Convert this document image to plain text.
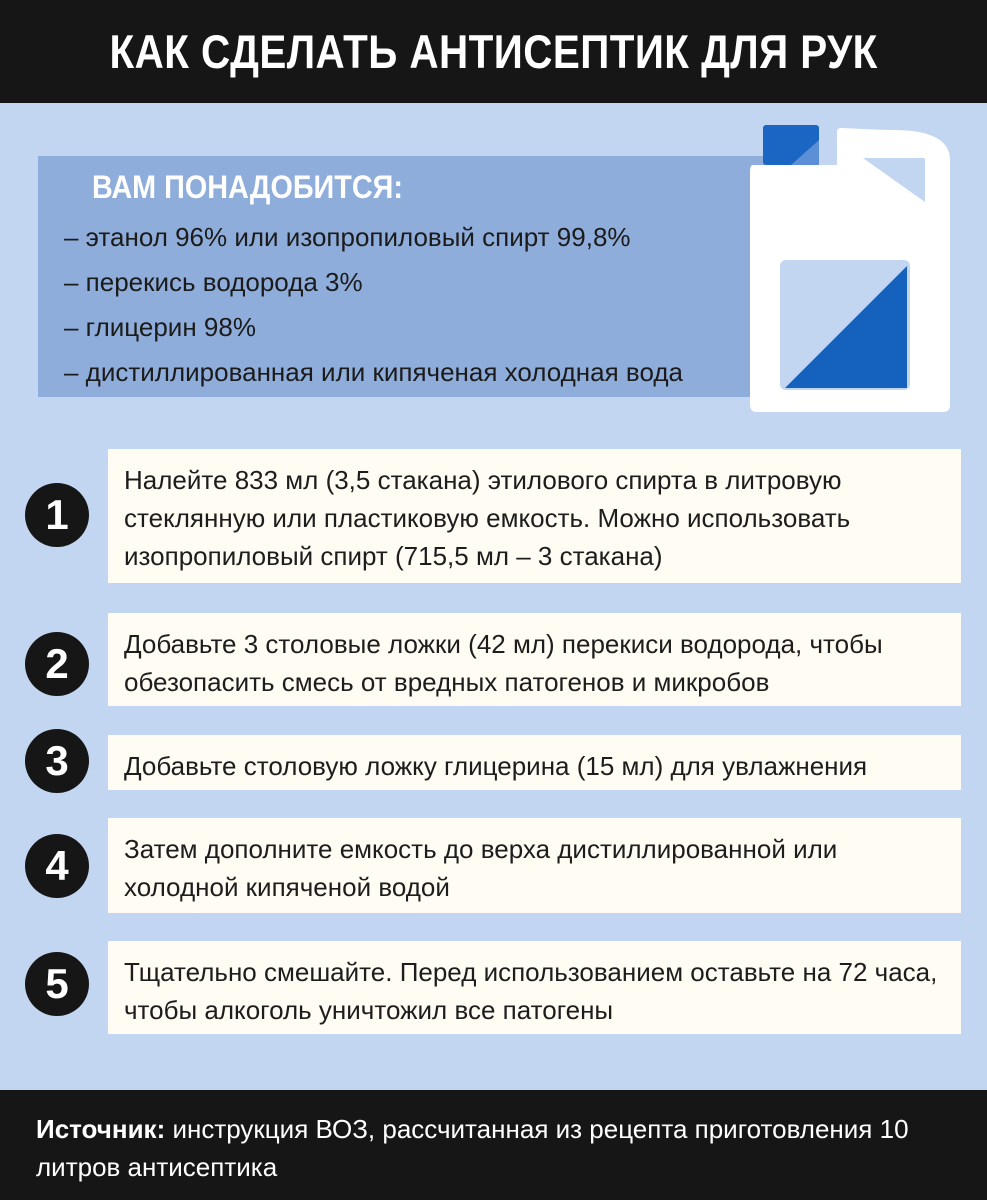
КАК СДЕЛАТЬ АНТИСЕПТИК ДЛЯ РУК
ВАМ ПОНАДОБИТСЯ:
– этанол 96% или изопропиловый спирт 99,8%
– перекись водорода 3%
– глицерин 98%
– дистиллированная или кипяченая холодная вода
1
Налейте 833 мл (3,5 стакана) этилового спирта в литровую стеклянную или пластиковую емкость. Можно использовать изопропиловый спирт (715,5 мл – 3 стакана)
2	Добавьте 3 столовые ложки (42 мл) перекиси водорода, чтобы обезопасить смесь от вредных патогенов и микробов
3	Добавьте столовую ложку глицерина (15 мл) для увлажнения
4	Затем дополните емкость до верха дистиллированной или холодной кипяченой водой
5	Тщательно смешайте. Перед использованием оставьте на 72 часа, чтобы алкоголь уничтожил все патогены
Источник: инструкция ВОЗ, рассчитанная из рецепта приготовления 10 литров антисептика
